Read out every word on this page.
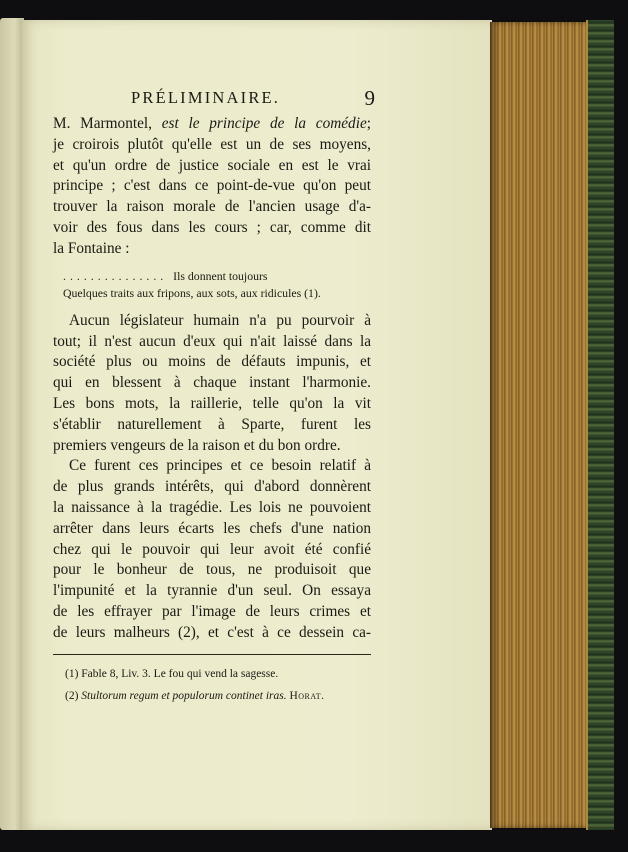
PRÉLIMINAIRE.	9

M. Marmontel, est le principe de la comédie;
je croirois plutôt qu'elle est un de ses moyens,
et qu'un ordre de justice sociale en est le vrai
principe ; c'est dans ce point-de-vue qu'on peut
trouver la raison morale de l'ancien usage d'a-
voir des fous dans les cours ; car, comme dit
la Fontaine :

............... Ils donnent toujours
Quelques traits aux fripons, aux sots, aux ridicules (1).

Aucun législateur humain n'a pu pourvoir à
tout; il n'est aucun d'eux qui n'ait laissé dans la
société plus ou moins de défauts impunis, et
qui en blessent à chaque instant l'harmonie.
Les bons mots, la raillerie, telle qu'on la vit
s'établir naturellement à Sparte, furent les
premiers vengeurs de la raison et du bon ordre.

Ce furent ces principes et ce besoin relatif à
de plus grands intérêts, qui d'abord donnèrent
la naissance à la tragédie. Les lois ne pouvoient
arrêter dans leurs écarts les chefs d'une nation
chez qui le pouvoir qui leur avoit été confié
pour le bonheur de tous, ne produisoit que
l'impunité et la tyrannie d'un seul. On essaya
de les effrayer par l'image de leurs crimes et
de leurs malheurs (2), et c'est à ce dessein ca-

(1) Fable 8, Liv. 3. Le fou qui vend la sagesse.
(2) Stultorum regum et populorum continet iras. Horat.
